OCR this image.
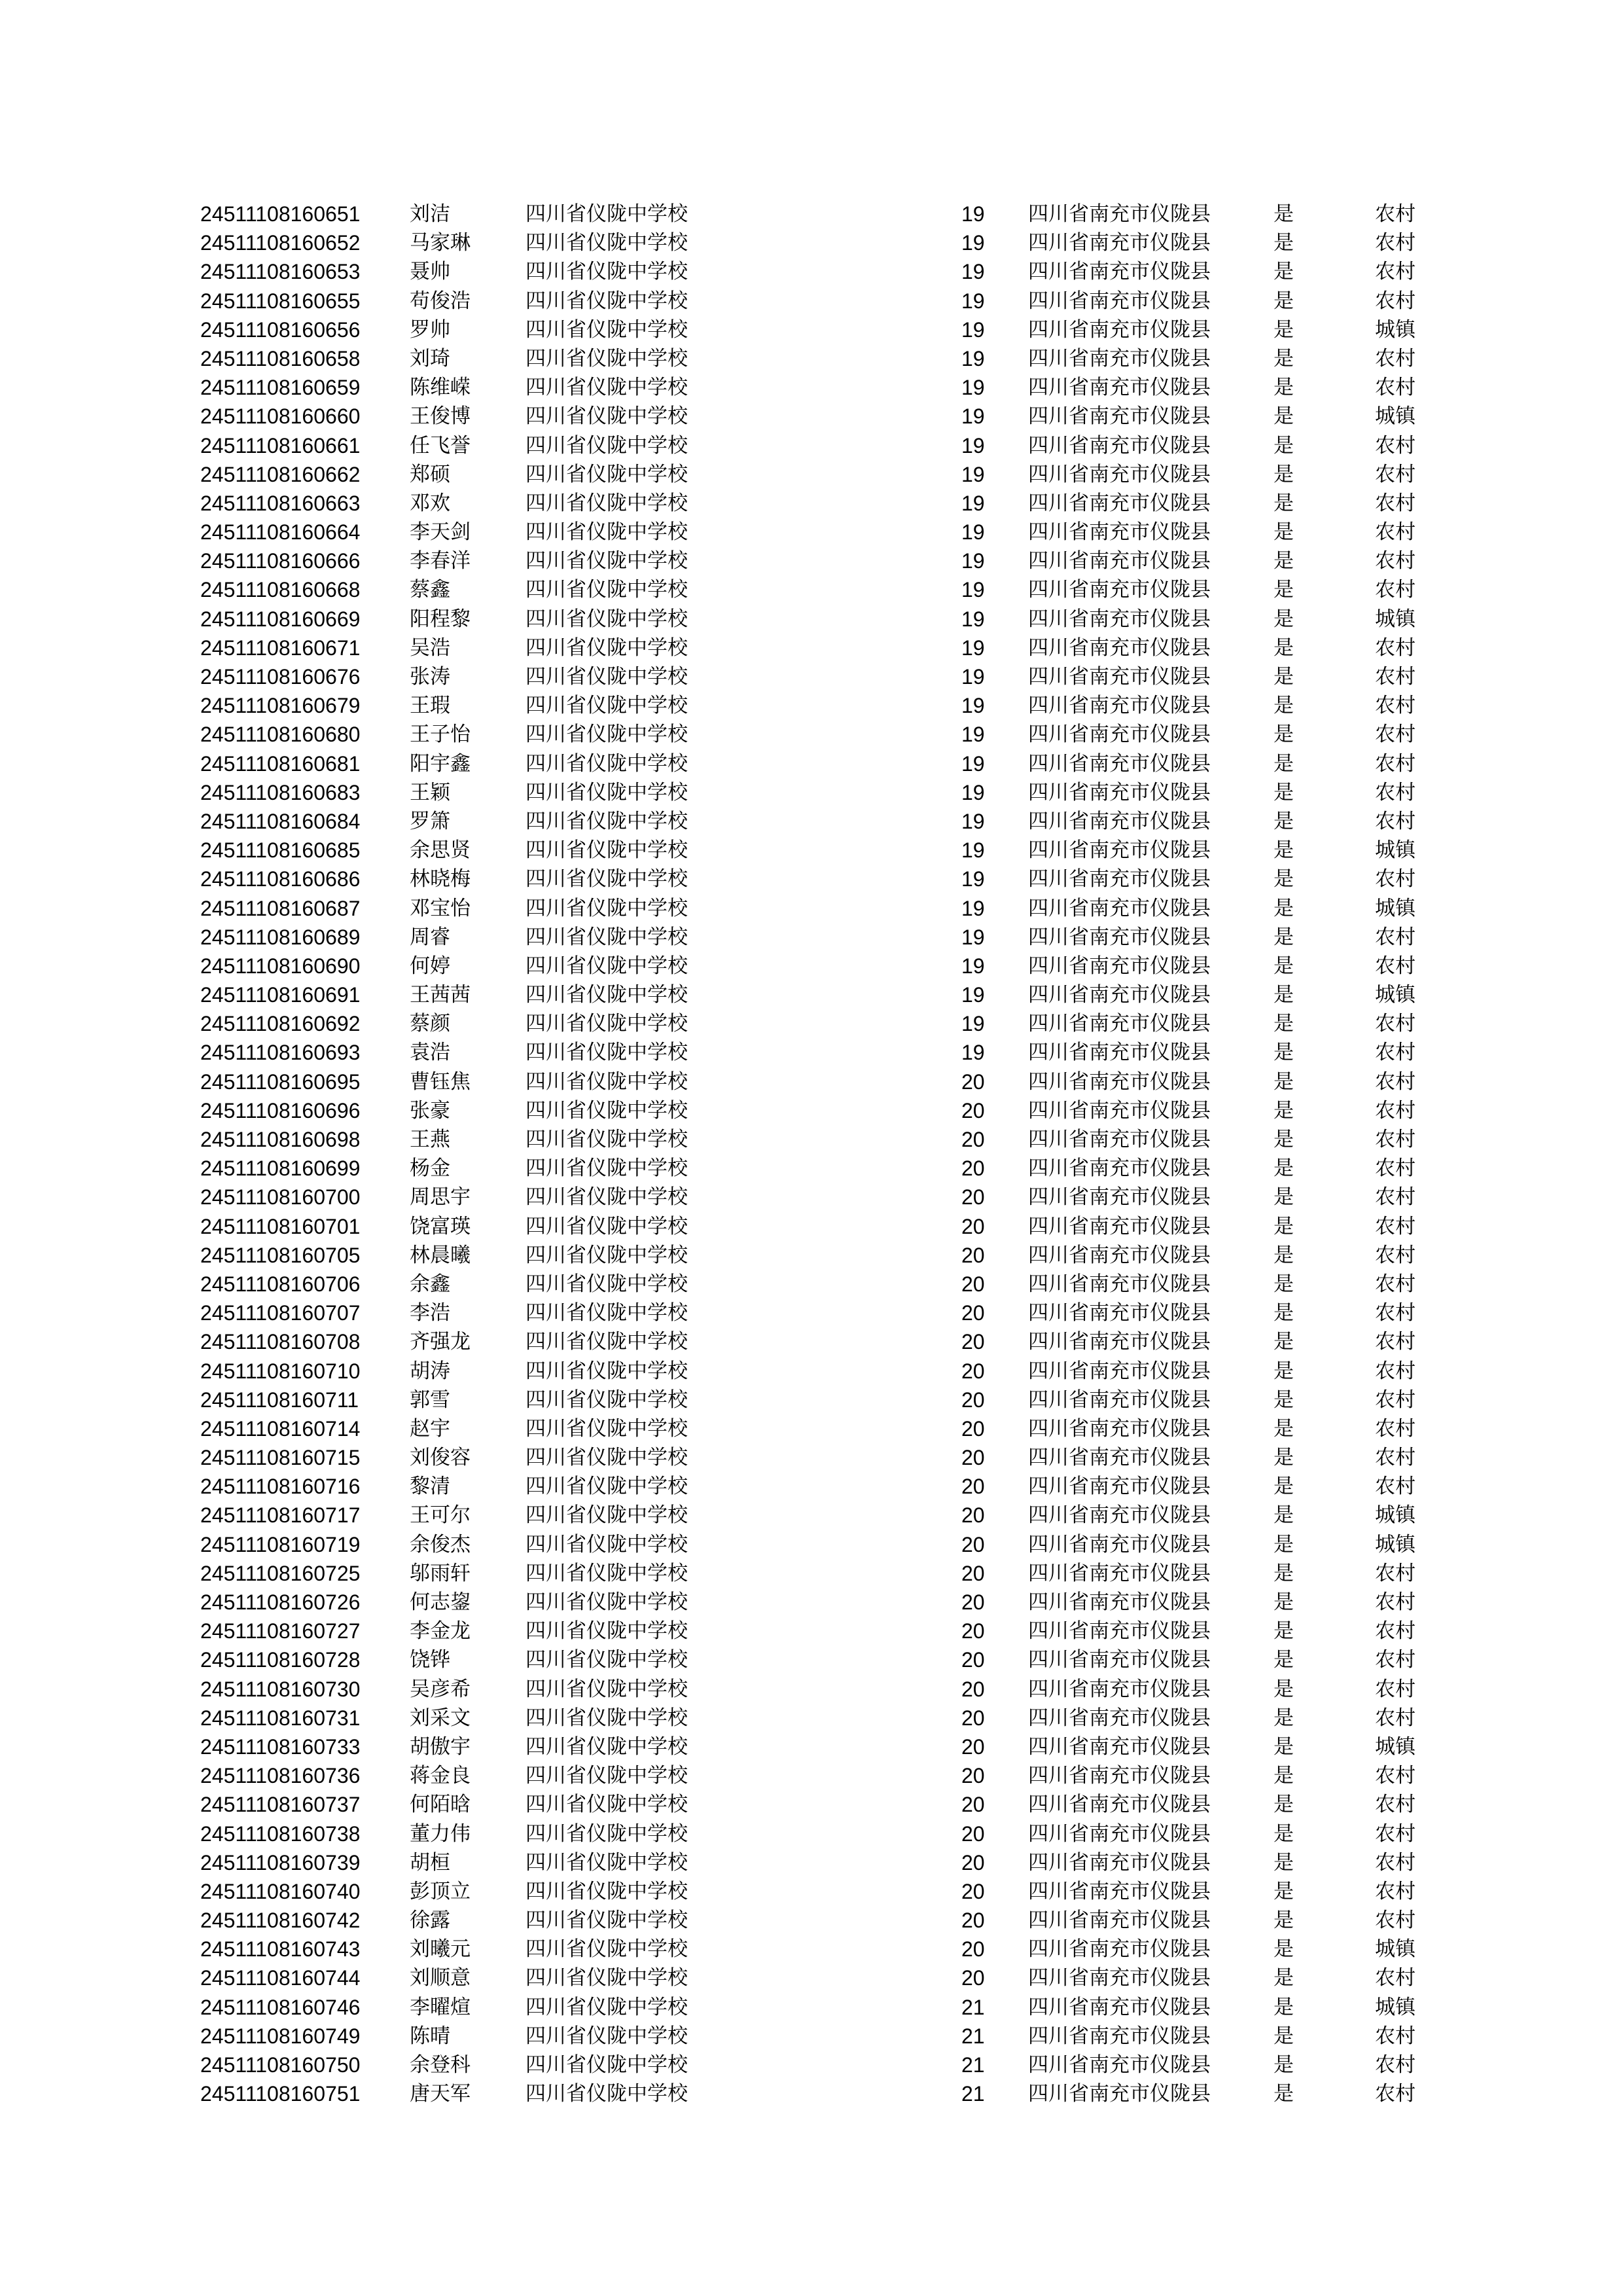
24511108160651 刘洁	四川省仪陇中学校	19 四川省南充市仪陇县	是	农村
24511108160652 马家琳	四川省仪陇中学校	19 四川省南充市仪陇县	是	农村
24511108160653 聂帅	四川省仪陇中学校	19 四川省南充市仪陇县	是	农村
24511108160655 苟俊浩	四川省仪陇中学校	19 四川省南充市仪陇县	是	农村
24511108160656 罗帅	四川省仪陇中学校	19 四川省南充市仪陇县	是	城镇
24511108160658 刘琦	四川省仪陇中学校	19 四川省南充市仪陇县	是	农村
24511108160659 陈维嵘	四川省仪陇中学校	19 四川省南充市仪陇县	是	农村
24511108160660 王俊博	四川省仪陇中学校	19 四川省南充市仪陇县	是	城镇
24511108160661 任飞誉	四川省仪陇中学校	19 四川省南充市仪陇县	是	农村
24511108160662 郑硕	四川省仪陇中学校	19 四川省南充市仪陇县	是	农村
24511108160663 邓欢	四川省仪陇中学校	19 四川省南充市仪陇县	是	农村
24511108160664 李天剑	四川省仪陇中学校	19 四川省南充市仪陇县	是	农村
24511108160666 李春洋	四川省仪陇中学校	19 四川省南充市仪陇县	是	农村
24511108160668 蔡鑫	四川省仪陇中学校	19 四川省南充市仪陇县	是	农村
24511108160669 阳程黎	四川省仪陇中学校	19 四川省南充市仪陇县	是	城镇
24511108160671 吴浩	四川省仪陇中学校	19 四川省南充市仪陇县	是	农村
24511108160676 张涛	四川省仪陇中学校	19 四川省南充市仪陇县	是	农村
24511108160679 王瑕	四川省仪陇中学校	19 四川省南充市仪陇县	是	农村
24511108160680 王子怡	四川省仪陇中学校	19 四川省南充市仪陇县	是	农村
24511108160681 阳宇鑫	四川省仪陇中学校	19 四川省南充市仪陇县	是	农村
24511108160683 王颖	四川省仪陇中学校	19 四川省南充市仪陇县	是	农村
24511108160684 罗箫	四川省仪陇中学校	19 四川省南充市仪陇县	是	农村
24511108160685 余思贤	四川省仪陇中学校	19 四川省南充市仪陇县	是	城镇
24511108160686 林晓梅	四川省仪陇中学校	19 四川省南充市仪陇县	是	农村
24511108160687 邓宝怡	四川省仪陇中学校	19 四川省南充市仪陇县	是	城镇
24511108160689 周睿	四川省仪陇中学校	19 四川省南充市仪陇县	是	农村
24511108160690 何婷	四川省仪陇中学校	19 四川省南充市仪陇县	是	农村
24511108160691 王茜茜	四川省仪陇中学校	19 四川省南充市仪陇县	是	城镇
24511108160692 蔡颜	四川省仪陇中学校	19 四川省南充市仪陇县	是	农村
24511108160693 袁浩	四川省仪陇中学校	19 四川省南充市仪陇县	是	农村
24511108160695 曹钰焦	四川省仪陇中学校	20 四川省南充市仪陇县	是	农村
24511108160696 张豪	四川省仪陇中学校	20 四川省南充市仪陇县	是	农村
24511108160698 王燕	四川省仪陇中学校	20 四川省南充市仪陇县	是	农村
24511108160699 杨金	四川省仪陇中学校	20 四川省南充市仪陇县	是	农村
24511108160700 周思宇	四川省仪陇中学校	20 四川省南充市仪陇县	是	农村
24511108160701 饶富瑛	四川省仪陇中学校	20 四川省南充市仪陇县	是	农村
24511108160705 林晨曦	四川省仪陇中学校	20 四川省南充市仪陇县	是	农村
24511108160706 余鑫	四川省仪陇中学校	20 四川省南充市仪陇县	是	农村
24511108160707 李浩	四川省仪陇中学校	20 四川省南充市仪陇县	是	农村
24511108160708 齐强龙	四川省仪陇中学校	20 四川省南充市仪陇县	是	农村
24511108160710 胡涛	四川省仪陇中学校	20 四川省南充市仪陇县	是	农村
24511108160711	郭雪	四川省仪陇中学校	20 四川省南充市仪陇县	是	农村
24511108160714 赵宇	四川省仪陇中学校	20 四川省南充市仪陇县	是	农村
24511108160715 刘俊容	四川省仪陇中学校	20 四川省南充市仪陇县	是	农村
24511108160716 黎清	四川省仪陇中学校	20 四川省南充市仪陇县	是	农村
24511108160717 王可尔	四川省仪陇中学校	20 四川省南充市仪陇县	是	城镇
24511108160719 余俊杰	四川省仪陇中学校	20 四川省南充市仪陇县	是	城镇
24511108160725 邬雨轩	四川省仪陇中学校	20 四川省南充市仪陇县	是	农村
24511108160726 何志鋆	四川省仪陇中学校	20 四川省南充市仪陇县	是	农村
24511108160727 李金龙	四川省仪陇中学校	20 四川省南充市仪陇县	是	农村
24511108160728 饶铧	四川省仪陇中学校	20 四川省南充市仪陇县	是	农村
24511108160730 吴彦希	四川省仪陇中学校	20 四川省南充市仪陇县	是	农村
24511108160731 刘采文	四川省仪陇中学校	20 四川省南充市仪陇县	是	农村
24511108160733 胡傲宇	四川省仪陇中学校	20 四川省南充市仪陇县	是	城镇
24511108160736 蒋金良	四川省仪陇中学校	20 四川省南充市仪陇县	是	农村
24511108160737 何陌晗	四川省仪陇中学校	20 四川省南充市仪陇县	是	农村
24511108160738 董力伟	四川省仪陇中学校	20 四川省南充市仪陇县	是	农村
24511108160739 胡桓	四川省仪陇中学校	20 四川省南充市仪陇县	是	农村
24511108160740 彭顶立	四川省仪陇中学校	20 四川省南充市仪陇县	是	农村
24511108160742 徐露	四川省仪陇中学校	20 四川省南充市仪陇县	是	农村
24511108160743 刘曦元	四川省仪陇中学校	20 四川省南充市仪陇县	是	城镇
24511108160744 刘顺意	四川省仪陇中学校	20 四川省南充市仪陇县	是	农村
24511108160746 李曜煊	四川省仪陇中学校	21 四川省南充市仪陇县	是	城镇
24511108160749 陈晴	四川省仪陇中学校	21 四川省南充市仪陇县	是	农村
24511108160750 余登科	四川省仪陇中学校	21 四川省南充市仪陇县	是	农村
24511108160751 唐天军	四川省仪陇中学校	21 四川省南充市仪陇县	是	农村
